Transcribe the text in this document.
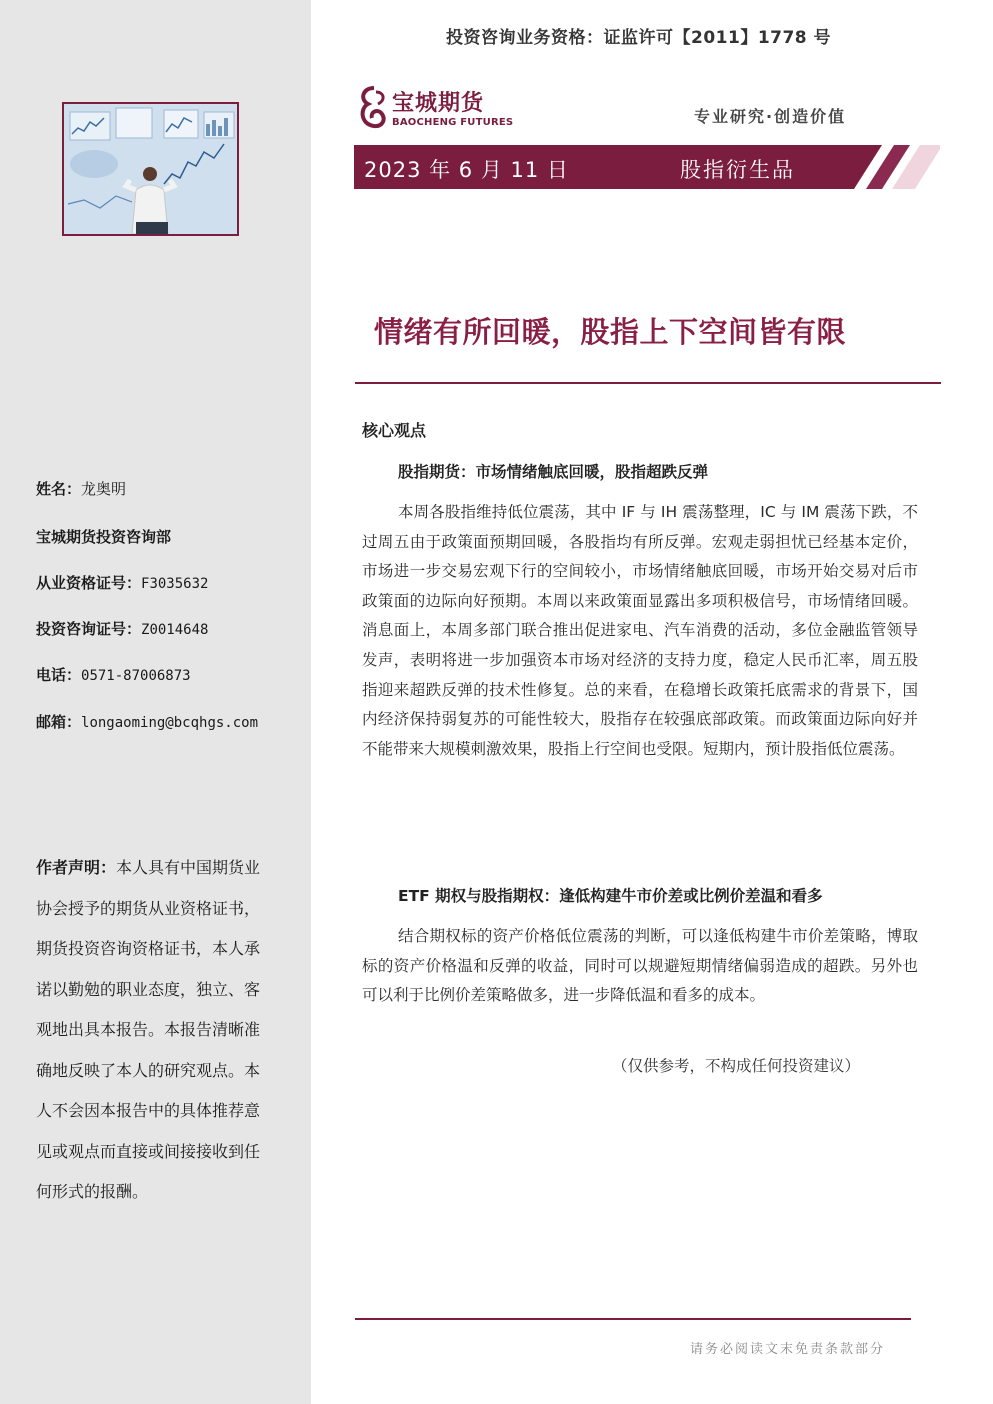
姓名：龙奥明
宝城期货投资咨询部
从业资格证号：F3035632
投资咨询证号：Z0014648
电话：0571-87006873
邮箱：longaoming@bcqhgs.com
作者声明：本人具有中国期货业协会授予的期货从业资格证书，期货投资咨询资格证书，本人承诺以勤勉的职业态度，独立、客观地出具本报告。本报告清晰准确地反映了本人的研究观点。本人不会因本报告中的具体推荐意见或观点而直接或间接接收到任何形式的报酬。
投资咨询业务资格：证监许可【2011】1778 号
宝城期货
BAOCHENG FUTURES	专业研究·创造价值
2023 年 6 月 11 日	股指衍生品
情绪有所回暖，股指上下空间皆有限
核心观点
股指期货：市场情绪触底回暖，股指超跌反弹

本周各股指维持低位震荡，其中 IF 与 IH 震荡整理，IC 与 IM 震荡下跌，不过周五由于政策面预期回暖，各股指均有所反弹。宏观走弱担忧已经基本定价，市场进一步交易宏观下行的空间较小，市场情绪触底回暖，市场开始交易对后市政策面的边际向好预期。本周以来政策面显露出多项积极信号，市场情绪回暖。消息面上，本周多部门联合推出促进家电、汽车消费的活动，多位金融监管领导发声，表明将进一步加强资本市场对经济的支持力度，稳定人民币汇率，周五股指迎来超跌反弹的技术性修复。总的来看，在稳增长政策托底需求的背景下，国内经济保持弱复苏的可能性较大，股指存在较强底部政策。而政策面边际向好并不能带来大规模刺激效果，股指上行空间也受限。短期内，预计股指低位震荡。

ETF 期权与股指期权：逢低构建牛市价差或比例价差温和看多

结合期权标的资产价格低位震荡的判断，可以逢低构建牛市价差策略，博取标的资产价格温和反弹的收益，同时可以规避短期情绪偏弱造成的超跌。另外也可以利于比例价差策略做多，进一步降低温和看多的成本。

（仅供参考，不构成任何投资建议）
请务必阅读文末免责条款部分
